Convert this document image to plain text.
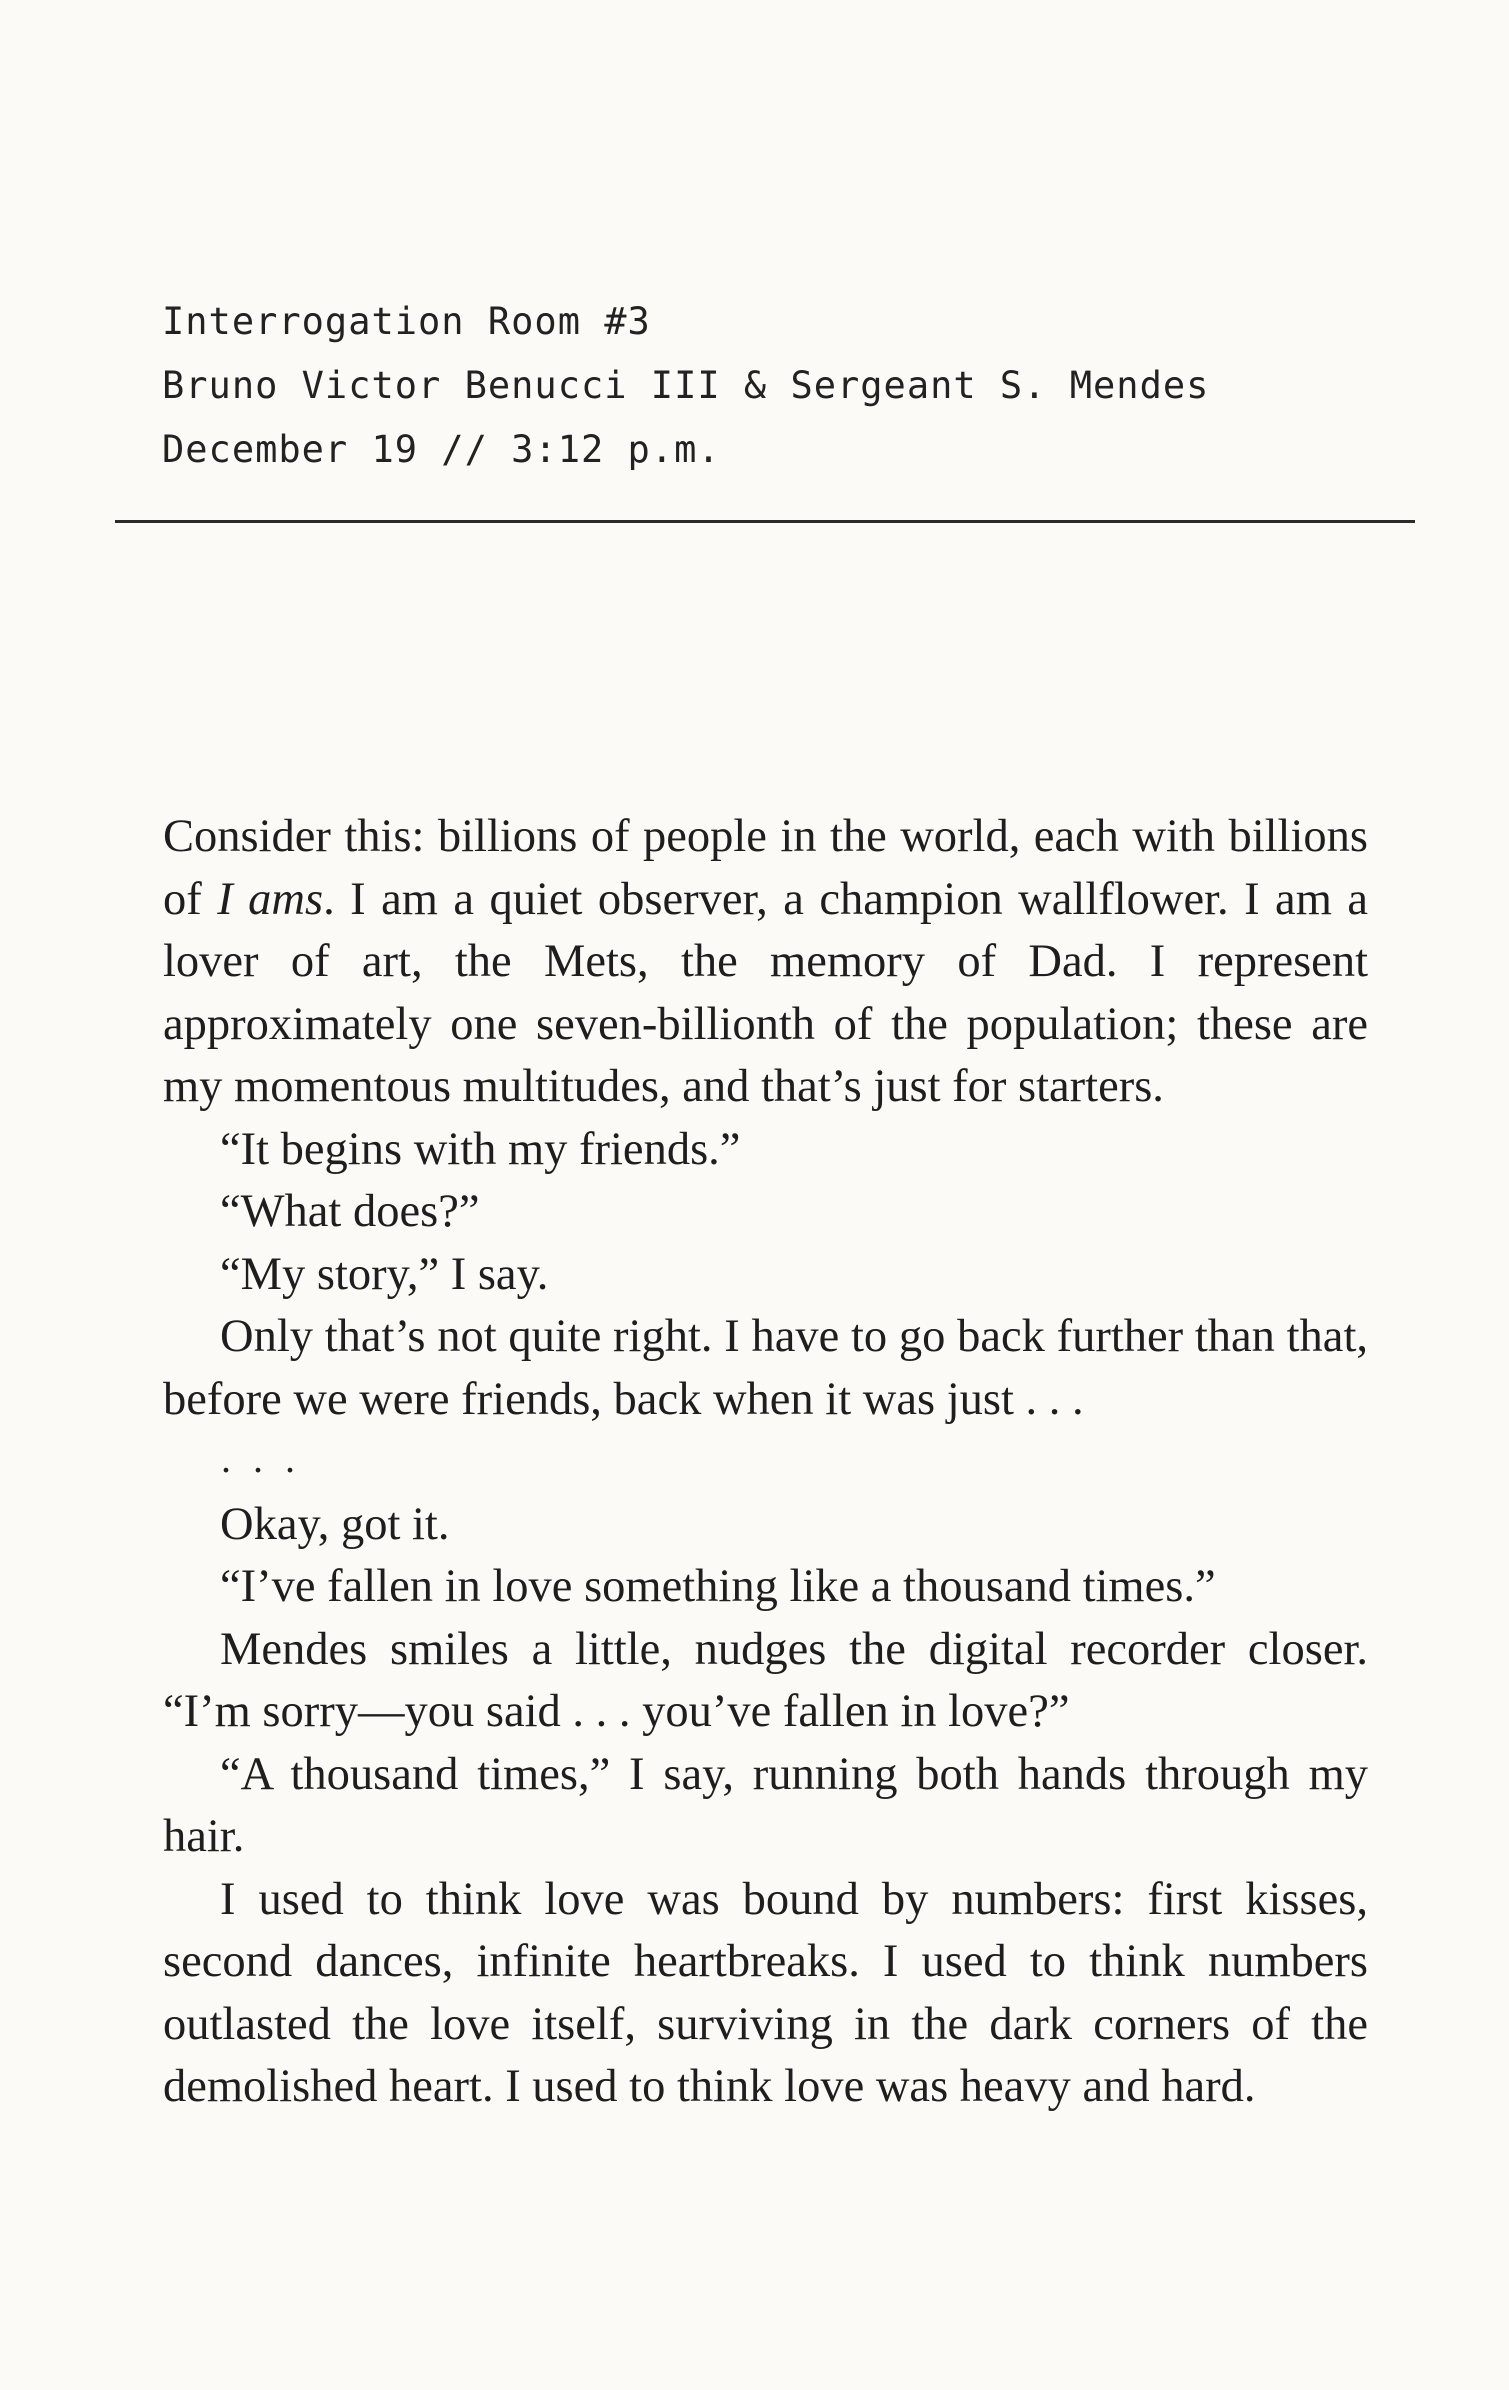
Interrogation Room #3
Bruno Victor Benucci III & Sergeant S. Mendes
December 19 // 3:12 p.m.

Consider this: billions of people in the world, each with billions of I ams. I am a quiet observer, a champion wallflower. I am a lover of art, the Mets, the memory of Dad. I represent approximately one seven-billionth of the population; these are my momentous multitudes, and that’s just for starters.

“It begins with my friends.”

“What does?”

“My story,” I say.

Only that’s not quite right. I have to go back further than that, before we were friends, back when it was just . . .

. . .

Okay, got it.

“I’ve fallen in love something like a thousand times.”

Mendes smiles a little, nudges the digital recorder closer. “I’m sorry—you said . . . you’ve fallen in love?”

“A thousand times,” I say, running both hands through my hair.

I used to think love was bound by numbers: first kisses, second dances, infinite heartbreaks. I used to think numbers outlasted the love itself, surviving in the dark corners of the demolished heart. I used to think love was heavy and hard.
